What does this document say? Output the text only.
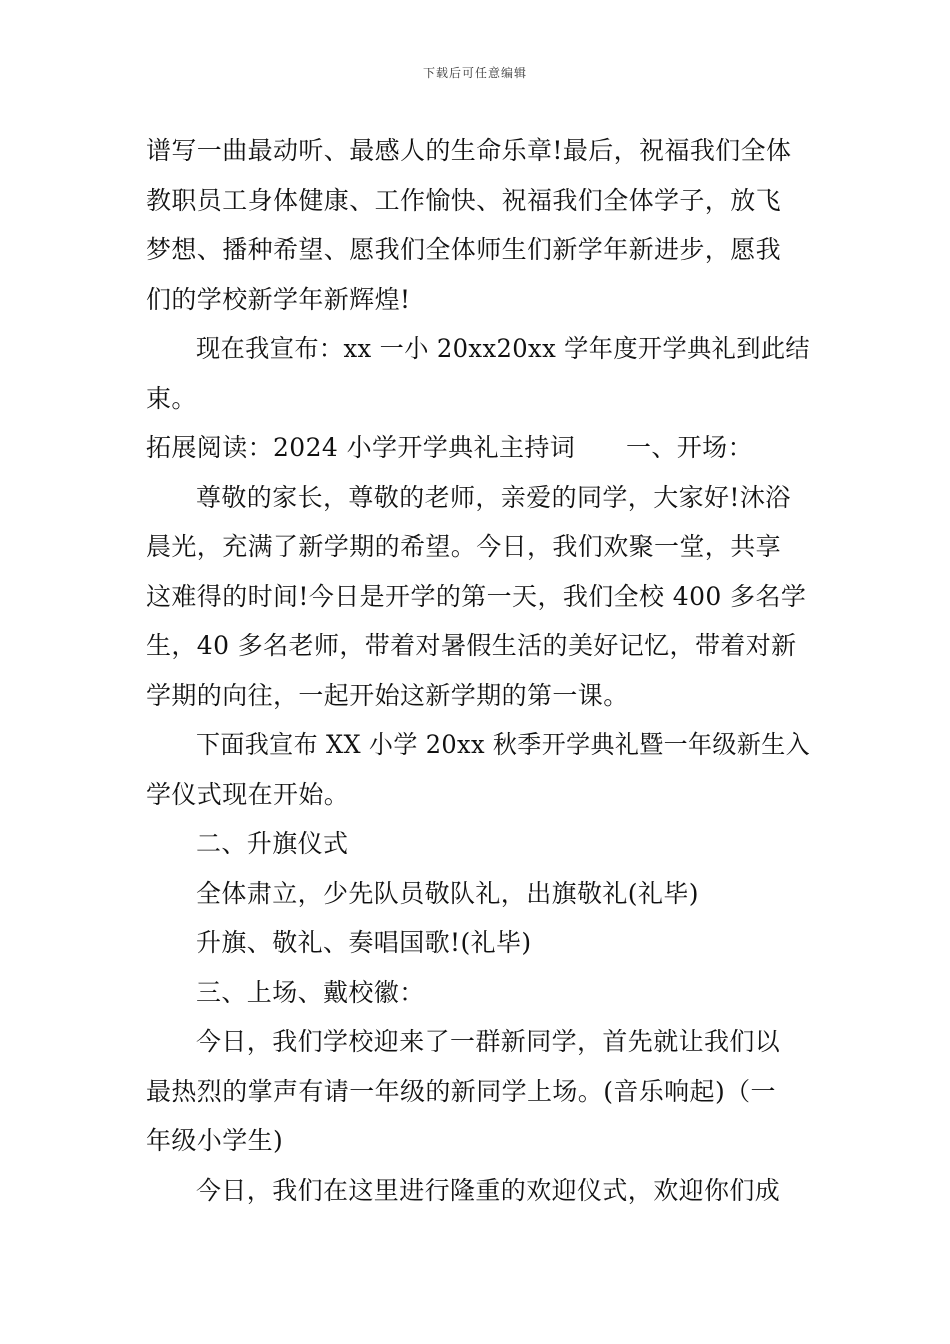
下载后可任意编辑
谱写一曲最动听、最感人的生命乐章!最后，祝福我们全体
教职员工身体健康、工作愉快、祝福我们全体学子，放飞
梦想、播种希望、愿我们全体师生们新学年新进步，愿我
们的学校新学年新辉煌!
现在我宣布：xx 一小 20xx20xx 学年度开学典礼到此结
束。
拓展阅读：2024 小学开学典礼主持词　　一、开场：
尊敬的家长，尊敬的老师，亲爱的同学，大家好!沐浴
晨光，充满了新学期的希望。今日，我们欢聚一堂，共享
这难得的时间!今日是开学的第一天，我们全校 400 多名学
生，40 多名老师，带着对暑假生活的美好记忆，带着对新
学期的向往，一起开始这新学期的第一课。
下面我宣布 XX 小学 20xx 秋季开学典礼暨一年级新生入
学仪式现在开始。
二、升旗仪式
全体肃立，少先队员敬队礼，出旗敬礼(礼毕)
升旗、敬礼、奏唱国歌!(礼毕)
三、上场、戴校徽：
今日，我们学校迎来了一群新同学，首先就让我们以
最热烈的掌声有请一年级的新同学上场。(音乐响起)（一
年级小学生)
今日，我们在这里进行隆重的欢迎仪式，欢迎你们成
